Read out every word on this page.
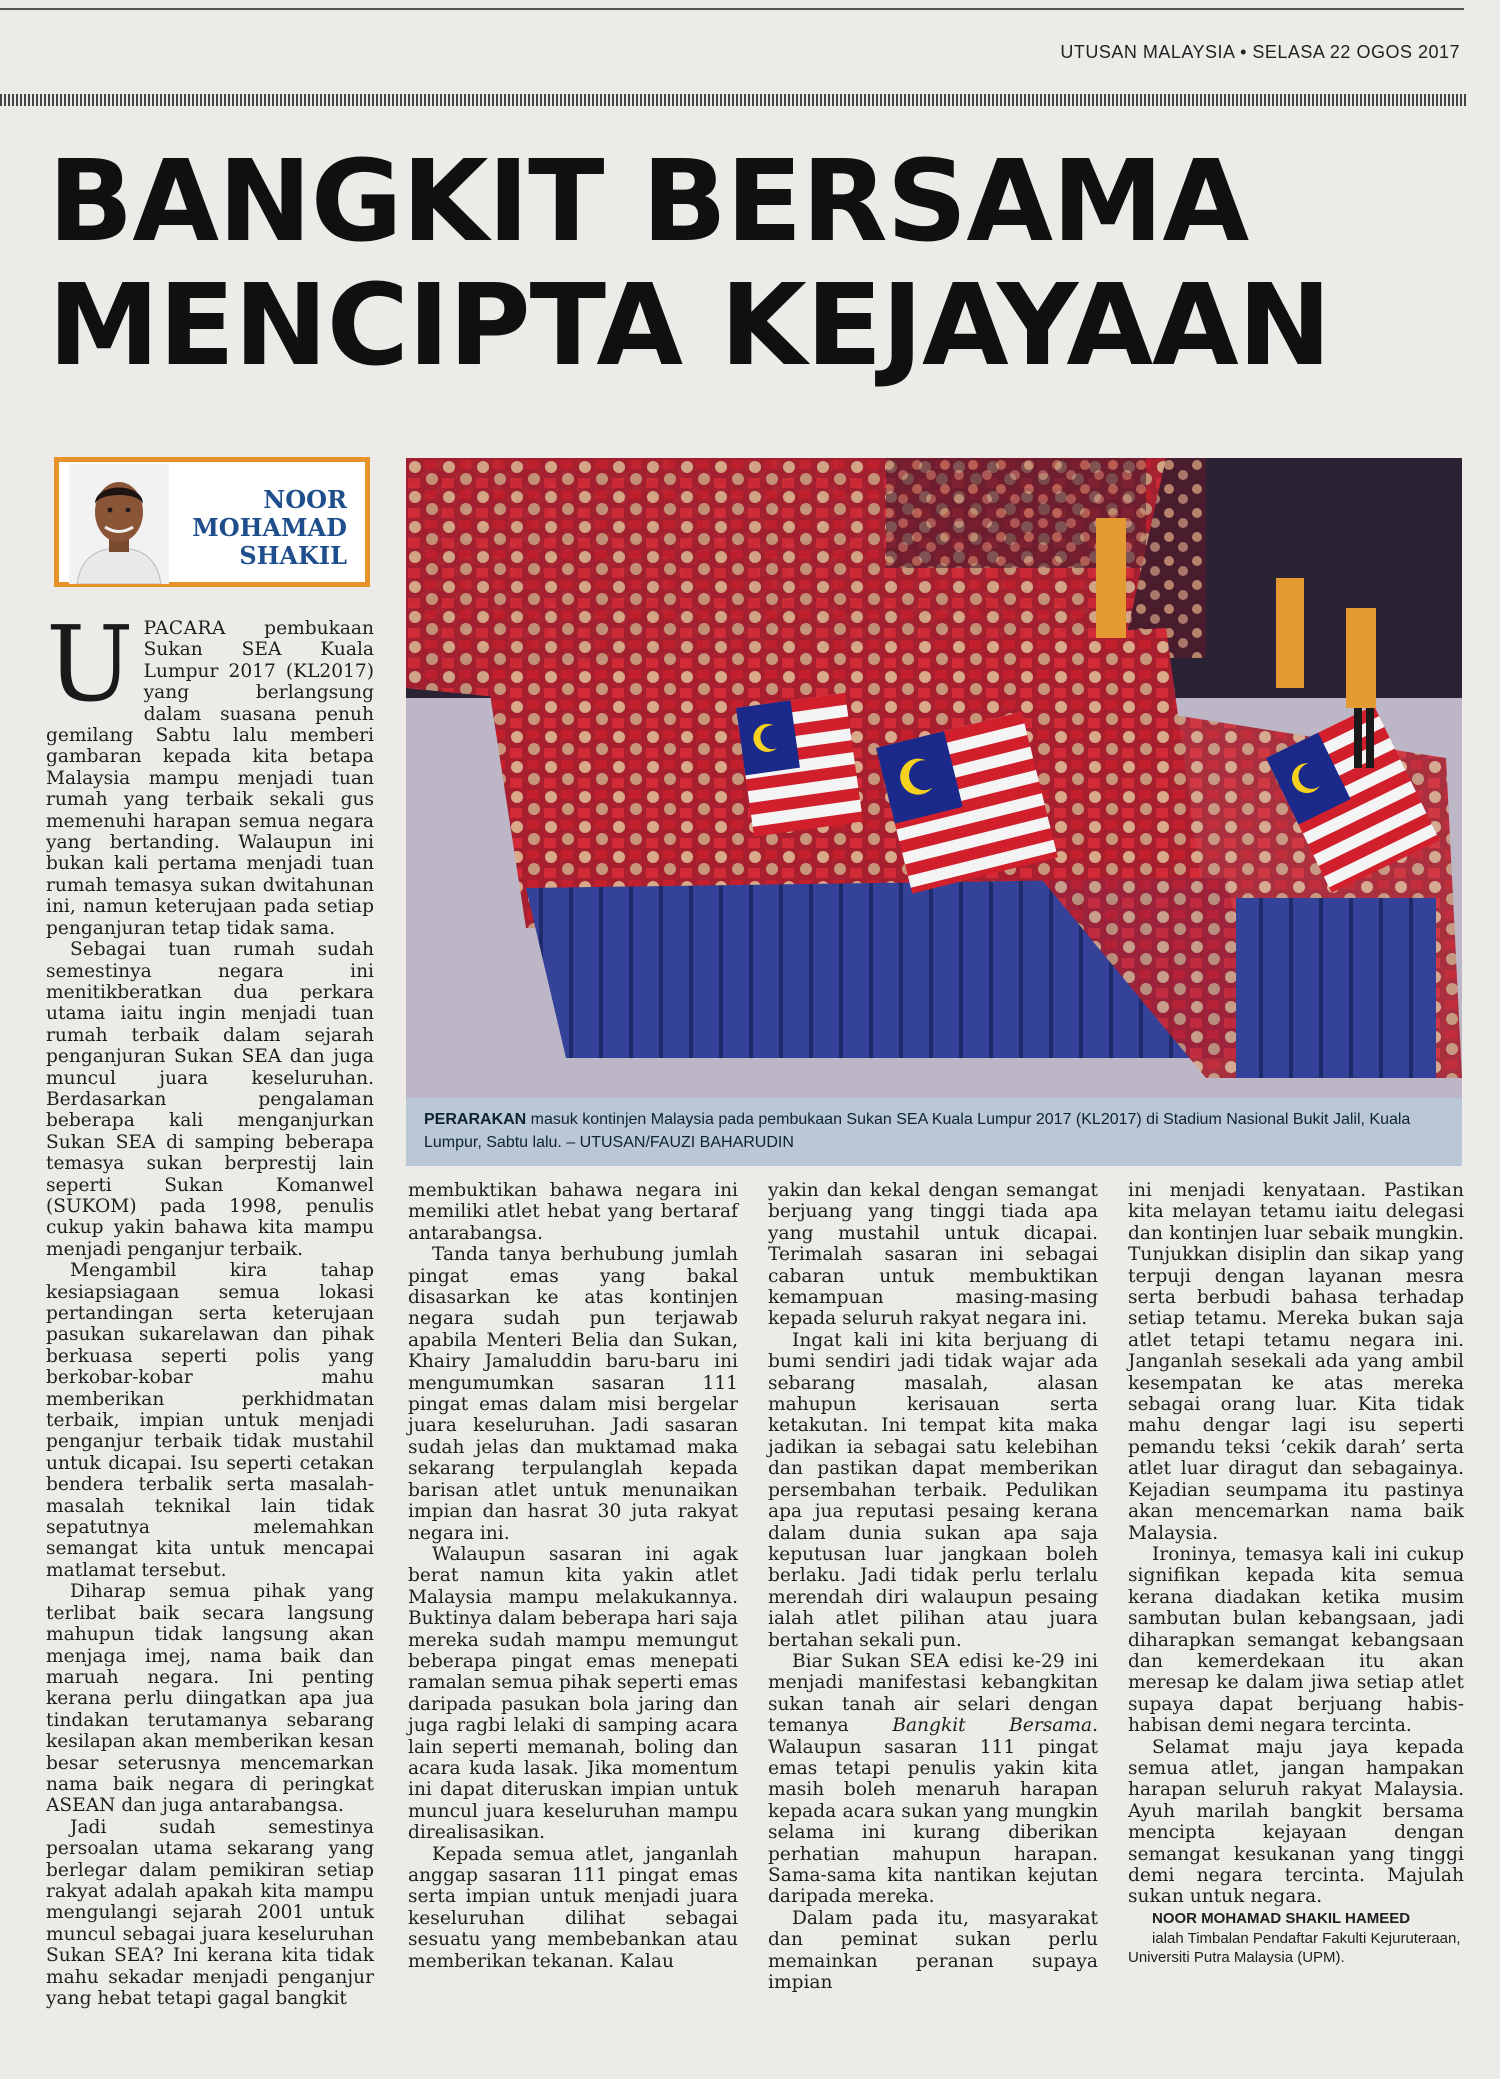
UTUSAN MALAYSIA • SELASA 22 OGOS 2017
BANGKIT BERSAMA
MENCIPTA KEJAYAAN
NOOR
MOHAMAD
SHAKIL
PERARAKAN masuk kontinjen Malaysia pada pembukaan Sukan SEA Kuala Lumpur 2017 (KL2017) di Stadium Nasional Bukit Jalil, Kuala Lumpur, Sabtu lalu. – UTUSAN/FAUZI BAHARUDIN

UPACARA pembukaan Sukan SEA Kuala Lumpur 2017 (KL2017) yang berlangsung dalam suasana penuh gemilang Sabtu lalu memberi gambaran kepada kita betapa Malaysia mampu menjadi tuan rumah yang terbaik sekali gus memenuhi harapan semua negara yang bertanding. Walaupun ini bukan kali pertama menjadi tuan rumah temasya sukan dwitahunan ini, namun keterujaan pada setiap penganjuran tetap tidak sama.

Sebagai tuan rumah sudah semestinya negara ini menitikberatkan dua perkara utama iaitu ingin menjadi tuan rumah terbaik dalam sejarah penganjuran Sukan SEA dan juga muncul juara keseluruhan. Berdasarkan pengalaman beberapa kali menganjurkan Sukan SEA di samping beberapa temasya sukan berprestij lain seperti Sukan Komanwel (SUKOM) pada 1998, penulis cukup yakin bahawa kita mampu menjadi penganjur terbaik.

Mengambil kira tahap kesiapsiagaan semua lokasi pertandingan serta keterujaan pasukan sukarelawan dan pihak berkuasa seperti polis yang berkobar-kobar mahu memberikan perkhidmatan terbaik, impian untuk menjadi penganjur terbaik tidak mustahil untuk dicapai. Isu seperti cetakan bendera terbalik serta masalah-masalah teknikal lain tidak sepatutnya melemahkan semangat kita untuk mencapai matlamat tersebut.

Diharap semua pihak yang terlibat baik secara langsung mahupun tidak langsung akan menjaga imej, nama baik dan maruah negara. Ini penting kerana perlu diingatkan apa jua tindakan terutamanya sebarang kesilapan akan memberikan kesan besar seterusnya mencemarkan nama baik negara di peringkat ASEAN dan juga antarabangsa.

Jadi sudah semestinya persoalan utama sekarang yang berlegar dalam pemikiran setiap rakyat adalah apakah kita mampu mengulangi sejarah 2001 untuk muncul sebagai juara keseluruhan Sukan SEA? Ini kerana kita tidak mahu sekadar menjadi penganjur yang hebat tetapi gagal bangkit

membuktikan bahawa negara ini memiliki atlet hebat yang bertaraf antarabangsa.

Tanda tanya berhubung jumlah pingat emas yang bakal disasarkan ke atas kontinjen negara sudah pun terjawab apabila Menteri Belia dan Sukan, Khairy Jamaluddin baru-baru ini mengumumkan sasaran 111 pingat emas dalam misi bergelar juara keseluruhan. Jadi sasaran sudah jelas dan muktamad maka sekarang terpulanglah kepada barisan atlet untuk menunaikan impian dan hasrat 30 juta rakyat negara ini.

Walaupun sasaran ini agak berat namun kita yakin atlet Malaysia mampu melakukannya. Buktinya dalam beberapa hari saja mereka sudah mampu memungut beberapa pingat emas menepati ramalan semua pihak seperti emas daripada pasukan bola jaring dan juga ragbi lelaki di samping acara lain seperti memanah, boling dan acara kuda lasak. Jika momentum ini dapat diteruskan impian untuk muncul juara keseluruhan mampu direalisasikan.

Kepada semua atlet, janganlah anggap sasaran 111 pingat emas serta impian untuk menjadi juara keseluruhan dilihat sebagai sesuatu yang membebankan atau memberikan tekanan. Kalau

yakin dan kekal dengan semangat berjuang yang tinggi tiada apa yang mustahil untuk dicapai. Terimalah sasaran ini sebagai cabaran untuk membuktikan kemampuan masing-masing kepada seluruh rakyat negara ini.

Ingat kali ini kita berjuang di bumi sendiri jadi tidak wajar ada sebarang masalah, alasan mahupun kerisauan serta ketakutan. Ini tempat kita maka jadikan ia sebagai satu kelebihan dan pastikan dapat memberikan persembahan terbaik. Pedulikan apa jua reputasi pesaing kerana dalam dunia sukan apa saja keputusan luar jangkaan boleh berlaku. Jadi tidak perlu terlalu merendah diri walaupun pesaing ialah atlet pilihan atau juara bertahan sekali pun.

Biar Sukan SEA edisi ke-29 ini menjadi manifestasi kebangkitan sukan tanah air selari dengan temanya Bangkit Bersama. Walaupun sasaran 111 pingat emas tetapi penulis yakin kita masih boleh menaruh harapan kepada acara sukan yang mungkin selama ini kurang diberikan perhatian mahupun harapan. Sama-sama kita nantikan kejutan daripada mereka.

Dalam pada itu, masyarakat dan peminat sukan perlu memainkan peranan supaya impian

ini menjadi kenyataan. Pastikan kita melayan tetamu iaitu delegasi dan kontinjen luar sebaik mungkin. Tunjukkan disiplin dan sikap yang terpuji dengan layanan mesra serta berbudi bahasa terhadap setiap tetamu. Mereka bukan saja atlet tetapi tetamu negara ini. Janganlah sesekali ada yang ambil kesempatan ke atas mereka sebagai orang luar. Kita tidak mahu dengar lagi isu seperti pemandu teksi ‘cekik darah’ serta atlet luar diragut dan sebagainya. Kejadian seumpama itu pastinya akan mencemarkan nama baik Malaysia.

Ironinya, temasya kali ini cukup signifikan kepada kita semua kerana diadakan ketika musim sambutan bulan kebangsaan, jadi diharapkan semangat kebangsaan dan kemerdekaan itu akan meresap ke dalam jiwa setiap atlet supaya dapat berjuang habis-habisan demi negara tercinta.

Selamat maju jaya kepada semua atlet, jangan hampakan harapan seluruh rakyat Malaysia. Ayuh marilah bangkit bersama mencipta kejayaan dengan semangat kesukanan yang tinggi demi negara tercinta. Majulah sukan untuk negara.

NOOR MOHAMAD SHAKIL HAMEED

ialah Timbalan Pendaftar Fakulti Kejuruteraan, Universiti Putra Malaysia (UPM).
